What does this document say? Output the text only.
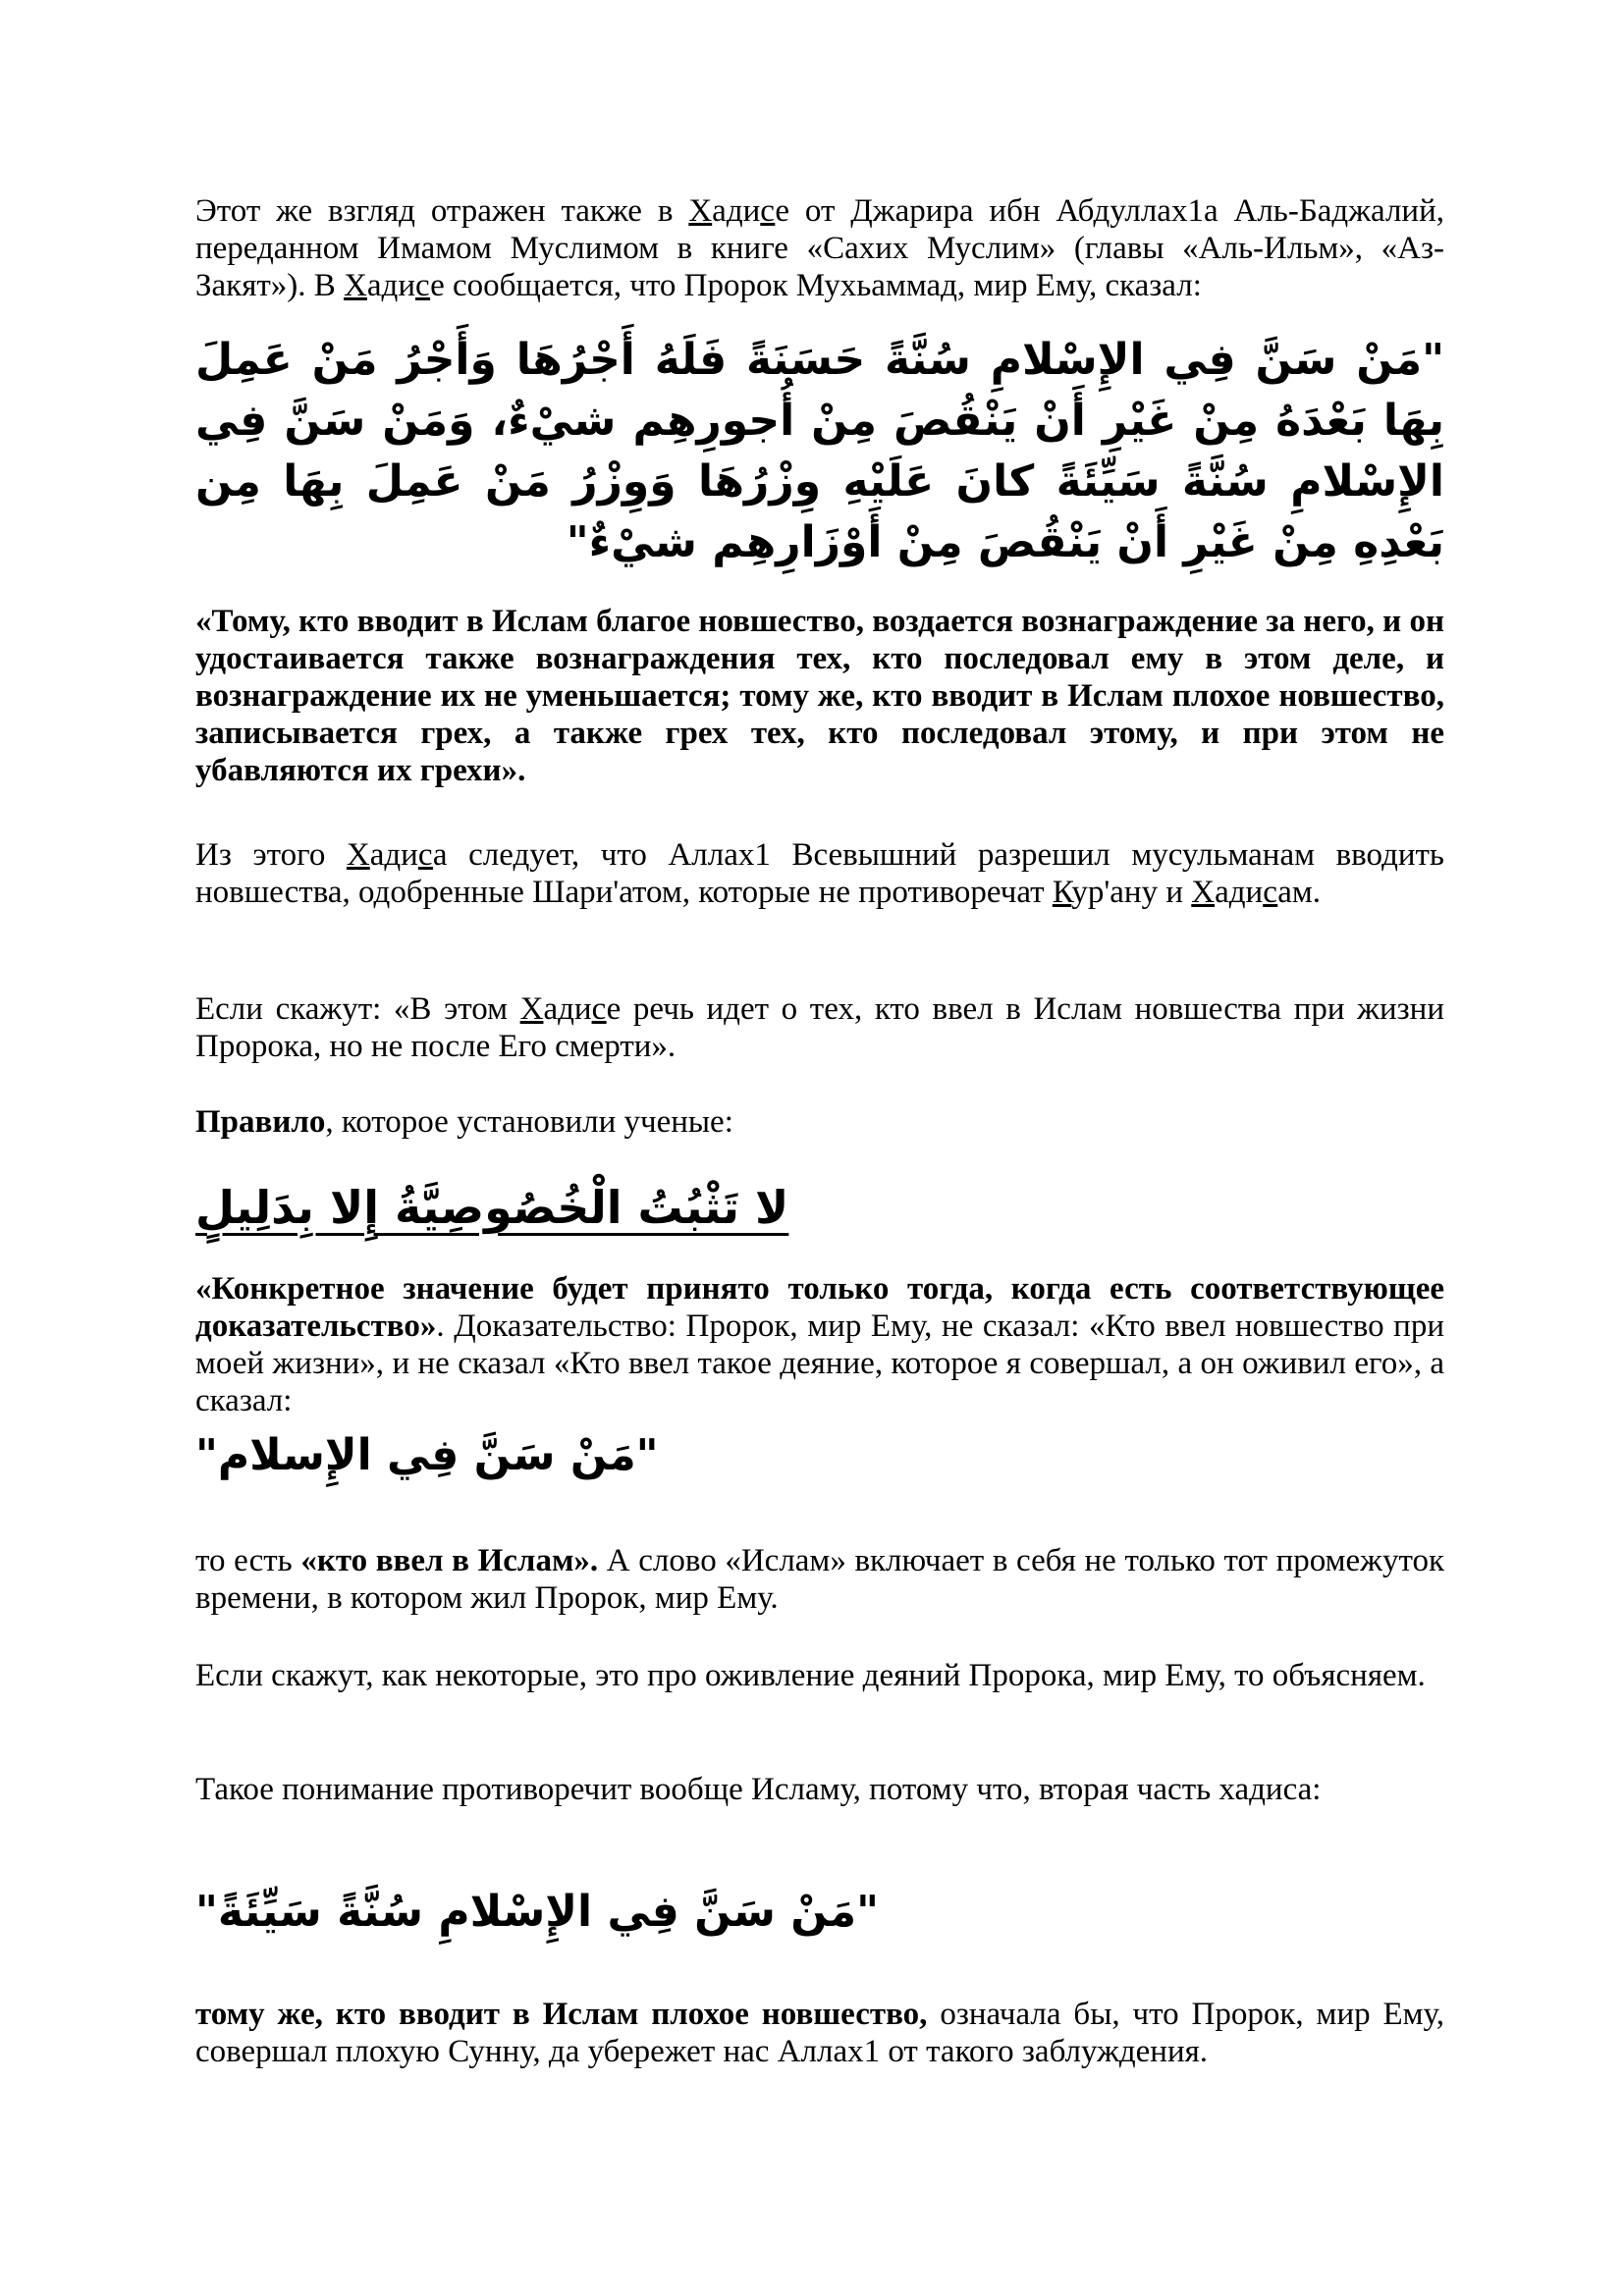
Этот же взгляд отражен также в Хадисе от Джарира ибн Абдуллах1а Аль-Баджалий, переданном Имамом Муслимом в книге «Сахих Муслим» (главы «Аль-Ильм», «Аз-Закят»). В Хадисе сообщается, что Пророк Мухьаммад, мир Ему, сказал:

"مَنْ سَنَّ فِي الإِسْلامِ سُنَّةً حَسَنَةً فَلَهُ أَجْرُهَا وَأَجْرُ مَنْ عَمِلَ بِهَا بَعْدَهُ مِنْ غَيْرِ أَنْ يَنْقُصَ مِنْ أُجورِهِم شيْءٌ، وَمَنْ سَنَّ فِي الإِسْلامِ سُنَّةً سَيِّئَةً كانَ عَلَيْهِ وِزْرُهَا وَوِزْرُ مَنْ عَمِلَ بِهَا مِن بَعْدِهِ مِنْ غَيْرِ أَنْ يَنْقُصَ مِنْ أَوْزَارِهِم شيْءٌ"

«Тому, кто вводит в Ислам благое новшество, воздается вознаграждение за него, и он удостаивается также вознаграждения тех, кто последовал ему в этом деле, и вознаграждение их не уменьшается; тому же, кто вводит в Ислам плохое новшество, записывается грех, а также грех тех, кто последовал этому, и при этом не убавляются их грехи».

Из этого Хадиса следует, что Аллах1 Всевышний разрешил мусульманам вводить новшества, одобренные Шари'атом, которые не противоречат Кур'ану и Хадисам.

Если скажут: «В этом Хадисе речь идет о тех, кто ввел в Ислам новшества при жизни Пророка, но не после Его смерти».

Правило, которое установили ученые:

لا تَثْبُتُ الْخُصُوصِيَّةُ إِلا بِدَلِيلٍ

«Конкретное значение будет принято только тогда, когда есть соответствующее доказательство». Доказательство: Пророк, мир Ему, не сказал: «Кто ввел новшество при моей жизни», и не сказал «Кто ввел такое деяние, которое я совершал, а он оживил его», а сказал:

"مَنْ سَنَّ فِي الإِسلام"

то есть «кто ввел в Ислам». А слово «Ислам» включает в себя не только тот промежуток времени, в котором жил Пророк, мир Ему.

Если скажут, как некоторые, это про оживление деяний Пророка, мир Ему, то объясняем.

Такое понимание противоречит вообще Исламу, потому что, вторая часть хадиса:

"مَنْ سَنَّ فِي الإِسْلامِ سُنَّةً سَيِّئَةً"

тому же, кто вводит в Ислам плохое новшество, означала бы, что Пророк, мир Ему, совершал плохую Сунну, да убережет нас Аллах1 от такого заблуждения.
